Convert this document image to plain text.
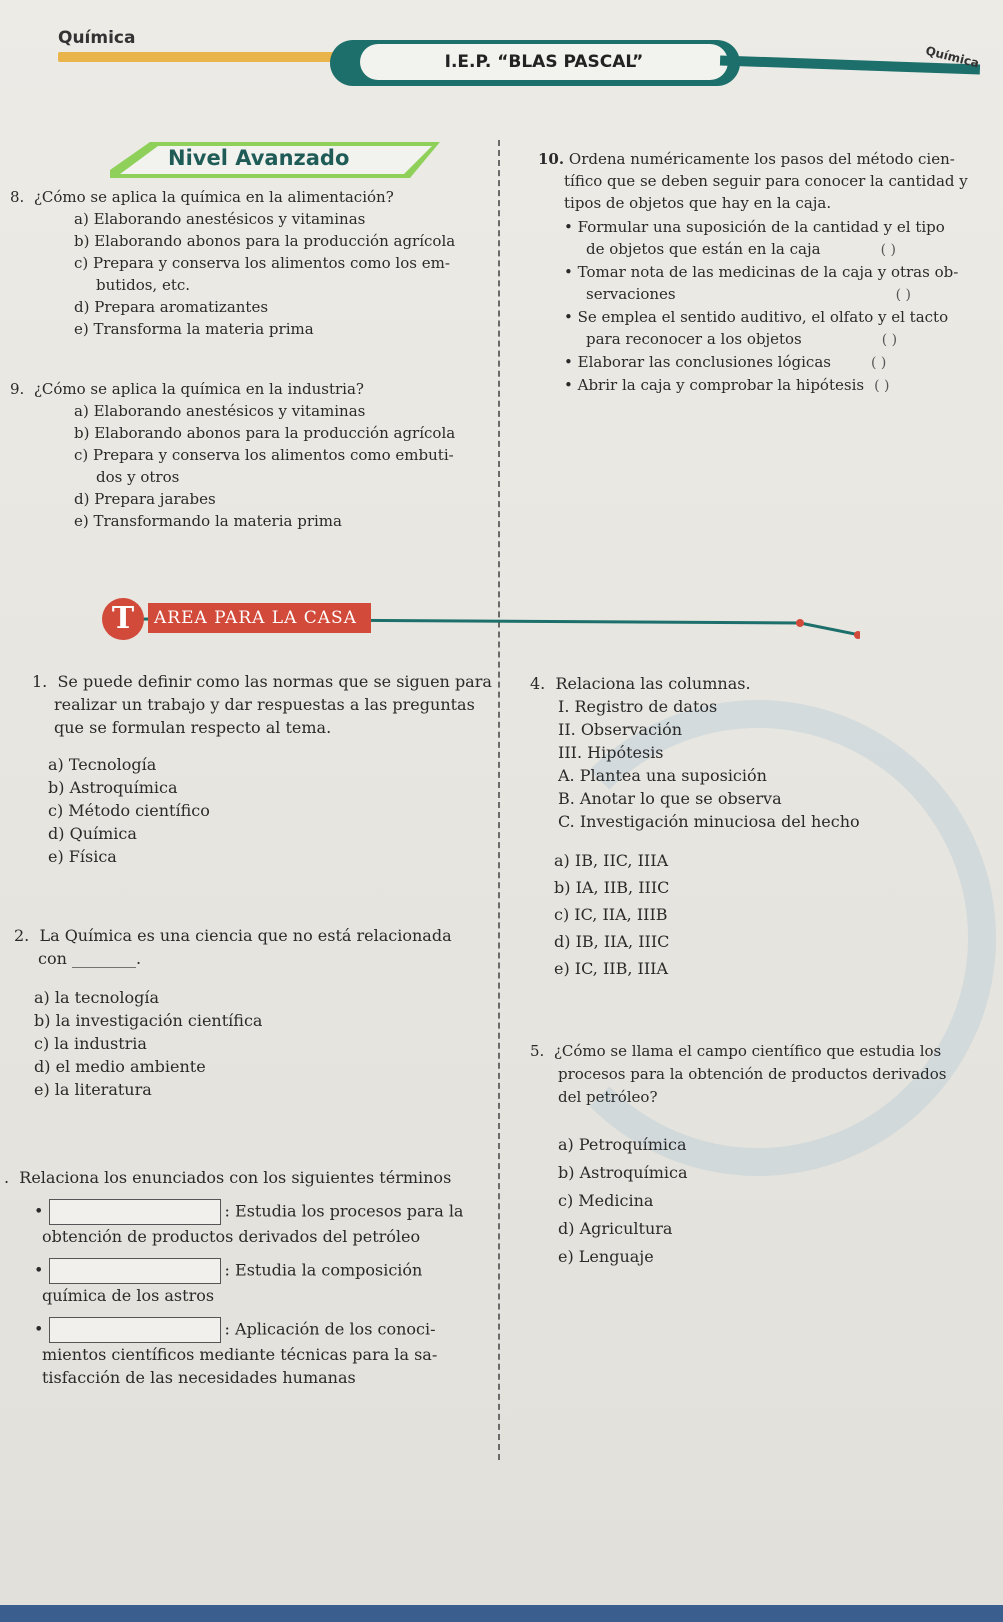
Química
I.E.P. “BLAS PASCAL”	Química
Nivel Avanzado
8. ¿Cómo se aplica la química en la alimentación?
a) Elaborando anestésicos y vitaminas
b) Elaborando abonos para la producción agrícola
c) Prepara y conserva los alimentos como los em-
butidos, etc.
d) Prepara aromatizantes
e) Transforma la materia prima
9. ¿Cómo se aplica la química en la industria?
a) Elaborando anestésicos y vitaminas
b) Elaborando abonos para la producción agrícola
c) Prepara y conserva los alimentos como embuti-
dos y otros
d) Prepara jarabes
e) Transformando la materia prima
10. Ordena numéricamente los pasos del método cien-
tífico que se deben seguir para conocer la cantidad y
tipos de objetos que hay en la caja.
• Formular una suposición de la cantidad y el tipo
de objetos que están en la caja	( )
• Tomar nota de las medicinas de la caja y otras ob-
servaciones	( )
• Se emplea el sentido auditivo, el olfato y el tacto
para reconocer a los objetos	( )
• Elaborar las conclusiones lógicas	( )
• Abrir la caja y comprobar la hipótesis ( )
T	AREA PARA LA CASA
1. Se puede definir como las normas que se siguen para
realizar un trabajo y dar respuestas a las preguntas
que se formulan respecto al tema.
a) Tecnología
b) Astroquímica
c) Método científico
d) Química
e) Física
2. La Química es una ciencia que no está relacionada
con ________.
a) la tecnología
b) la investigación científica
c) la industria
d) el medio ambiente
e) la literatura
. Relaciona los enunciados con los siguientes términos
•	: Estudia los procesos para la
obtención de productos derivados del petróleo
•	: Estudia la composición
química de los astros
•	: Aplicación de los conoci-
mientos científicos mediante técnicas para la sa-
tisfacción de las necesidades humanas
4. Relaciona las columnas.
I. Registro de datos
II. Observación
III. Hipótesis
A. Plantea una suposición
B. Anotar lo que se observa
C. Investigación minuciosa del hecho
a) IB, IIC, IIIA
b) IA, IIB, IIIC
c) IC, IIA, IIIB
d) IB, IIA, IIIC
e) IC, IIB, IIIA
5. ¿Cómo se llama el campo científico que estudia los
procesos para la obtención de productos derivados
del petróleo?
a) Petroquímica
b) Astroquímica
c) Medicina
d) Agricultura
e) Lenguaje
